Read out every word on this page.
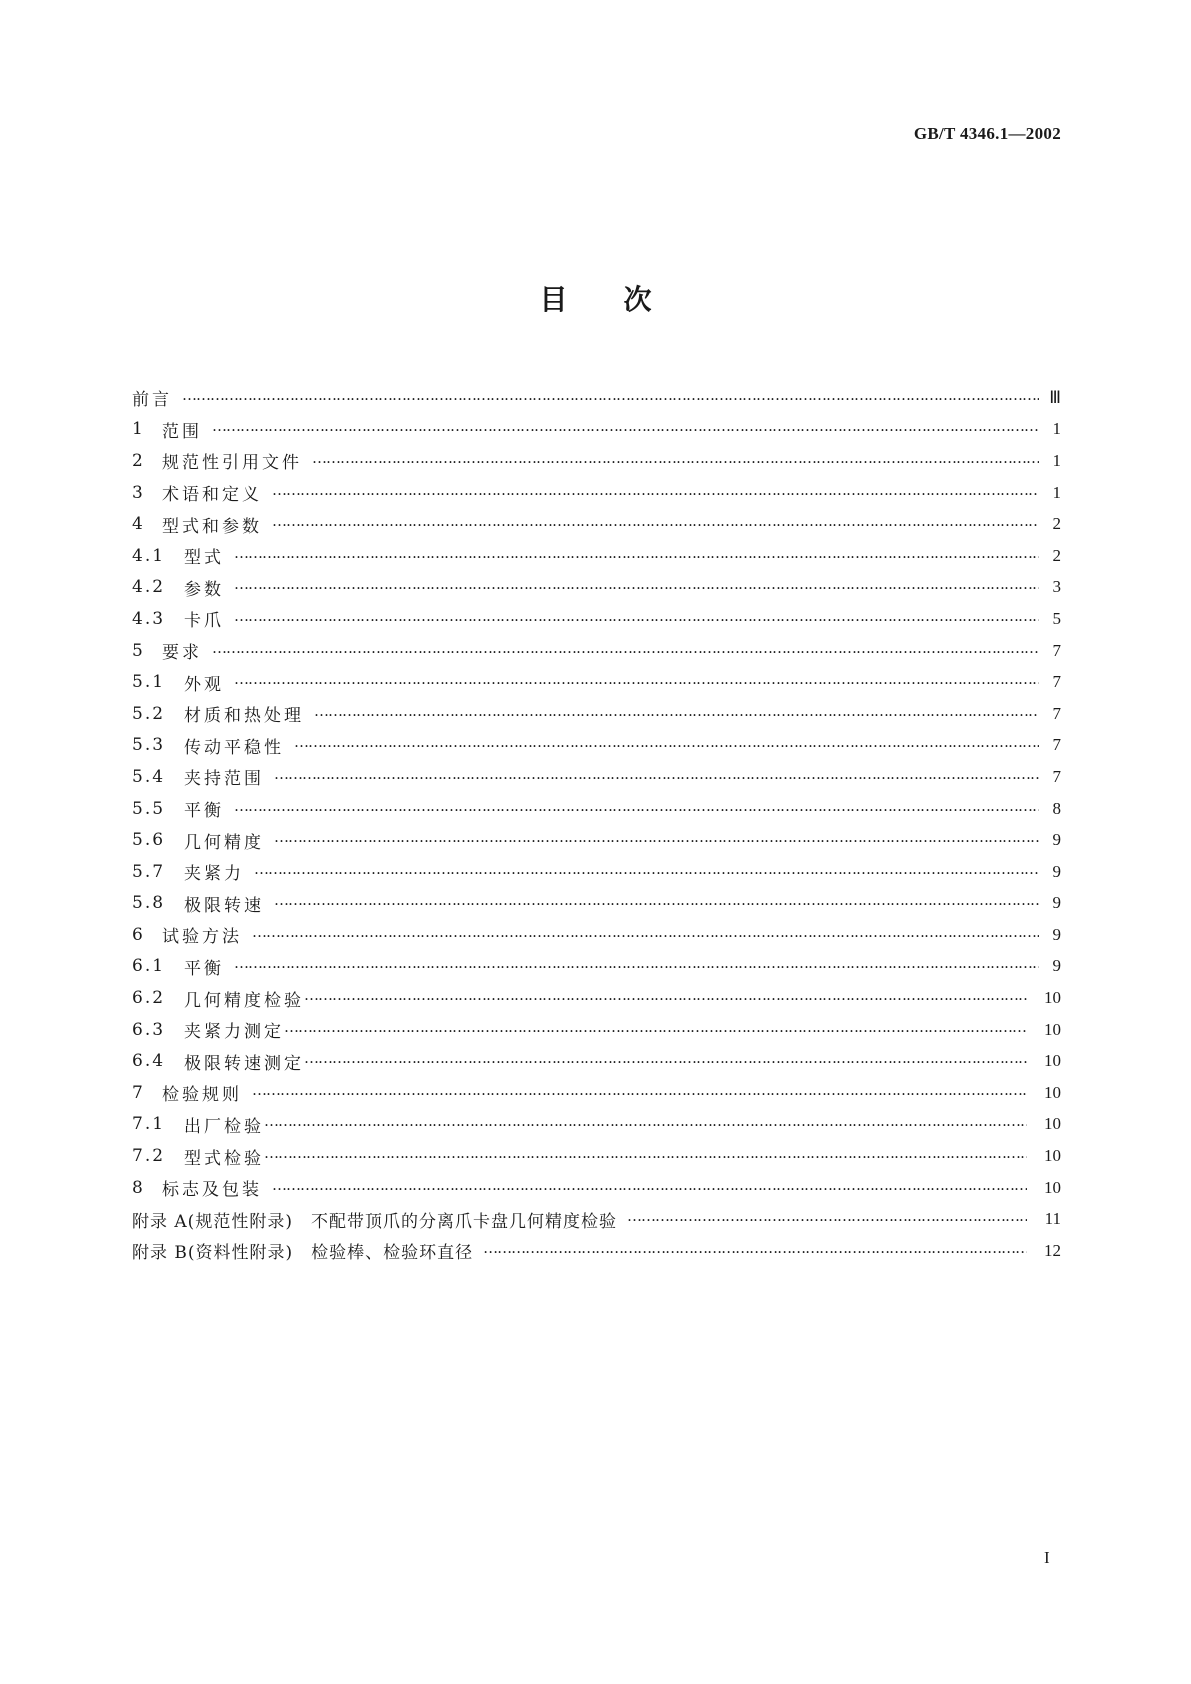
GB/T 4346.1—2002
目次
前言 ……………………………………………………………………………………………………………………………………………………………………………………………………………………	Ⅲ
1	范围 ……………………………………………………………………………………………………………………………………………………………………………………………………………………	1
2	规范性引用文件 ……………………………………………………………………………………………………………………………………………………………………………………………………………………	1
3	术语和定义 ……………………………………………………………………………………………………………………………………………………………………………………………………………………	1
4	型式和参数 ……………………………………………………………………………………………………………………………………………………………………………………………………………………	2
4.1	型式 ……………………………………………………………………………………………………………………………………………………………………………………………………………………	2
4.2	参数 ……………………………………………………………………………………………………………………………………………………………………………………………………………………	3
4.3	卡爪 ……………………………………………………………………………………………………………………………………………………………………………………………………………………	5
5	要求 ……………………………………………………………………………………………………………………………………………………………………………………………………………………	7
5.1	外观 ……………………………………………………………………………………………………………………………………………………………………………………………………………………	7
5.2	材质和热处理 ……………………………………………………………………………………………………………………………………………………………………………………………………………………	7
5.3	传动平稳性 ……………………………………………………………………………………………………………………………………………………………………………………………………………………	7
5.4	夹持范围 ……………………………………………………………………………………………………………………………………………………………………………………………………………………	7
5.5	平衡 ……………………………………………………………………………………………………………………………………………………………………………………………………………………	8
5.6	几何精度 ……………………………………………………………………………………………………………………………………………………………………………………………………………………	9
5.7	夹紧力 ……………………………………………………………………………………………………………………………………………………………………………………………………………………	9
5.8	极限转速 ……………………………………………………………………………………………………………………………………………………………………………………………………………………	9
6	试验方法 ……………………………………………………………………………………………………………………………………………………………………………………………………………………	9
6.1	平衡 ……………………………………………………………………………………………………………………………………………………………………………………………………………………	9
6.2	几何精度检验 ……………………………………………………………………………………………………………………………………………………………………………………………………………………	10
6.3	夹紧力测定 ……………………………………………………………………………………………………………………………………………………………………………………………………………………	10
6.4	极限转速测定 ……………………………………………………………………………………………………………………………………………………………………………………………………………………	10
7	检验规则 ……………………………………………………………………………………………………………………………………………………………………………………………………………………	10
7.1	出厂检验 ……………………………………………………………………………………………………………………………………………………………………………………………………………………	10
7.2	型式检验 ……………………………………………………………………………………………………………………………………………………………………………………………………………………	10
8	标志及包装 ……………………………………………………………………………………………………………………………………………………………………………………………………………………	10
附录 A(规范性附录)　不配带顶爪的分离爪卡盘几何精度检验 ……………………………………………………………………………………………………………………………………………………………………………………………………………………	11
附录 B(资料性附录)　检验棒、检验环直径 ……………………………………………………………………………………………………………………………………………………………………………………………………………………	12
I
